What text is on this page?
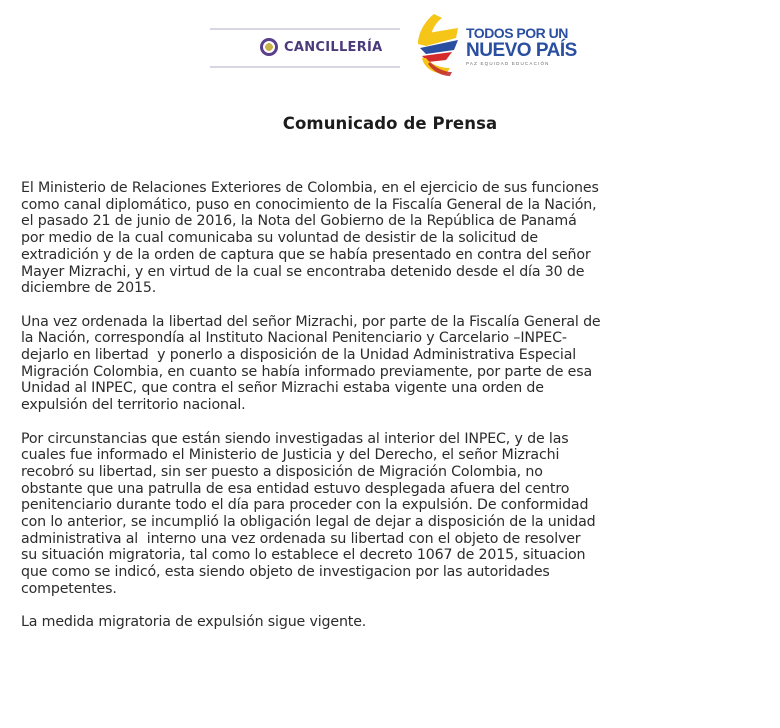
CANCILLERÍA
TODOS POR UN
NUEVO PAÍS
PAZ EQUIDAD EDUCACIÓN
Comunicado de Prensa

El Ministerio de Relaciones Exteriores de Colombia, en el ejercicio de sus funciones
como canal diplomático, puso en conocimiento de la Fiscalía General de la Nación,
el pasado 21 de junio de 2016, la Nota del Gobierno de la República de Panamá
por medio de la cual comunicaba su voluntad de desistir de la solicitud de
extradición y de la orden de captura que se había presentado en contra del señor
Mayer Mizrachi, y en virtud de la cual se encontraba detenido desde el día 30 de
diciembre de 2015.

Una vez ordenada la libertad del señor Mizrachi, por parte de la Fiscalía General de
la Nación, correspondía al Instituto Nacional Penitenciario y Carcelario –INPEC-
dejarlo en libertad  y ponerlo a disposición de la Unidad Administrativa Especial
Migración Colombia, en cuanto se había informado previamente, por parte de esa
Unidad al INPEC, que contra el señor Mizrachi estaba vigente una orden de
expulsión del territorio nacional.

Por circunstancias que están siendo investigadas al interior del INPEC, y de las
cuales fue informado el Ministerio de Justicia y del Derecho, el señor Mizrachi
recobró su libertad, sin ser puesto a disposición de Migración Colombia, no
obstante que una patrulla de esa entidad estuvo desplegada afuera del centro
penitenciario durante todo el día para proceder con la expulsión. De conformidad
con lo anterior, se incumplió la obligación legal de dejar a disposición de la unidad
administrativa al  interno una vez ordenada su libertad con el objeto de resolver
su situación migratoria, tal como lo establece el decreto 1067 de 2015, situacion
que como se indicó, esta siendo objeto de investigacion por las autoridades
competentes.

La medida migratoria de expulsión sigue vigente.
